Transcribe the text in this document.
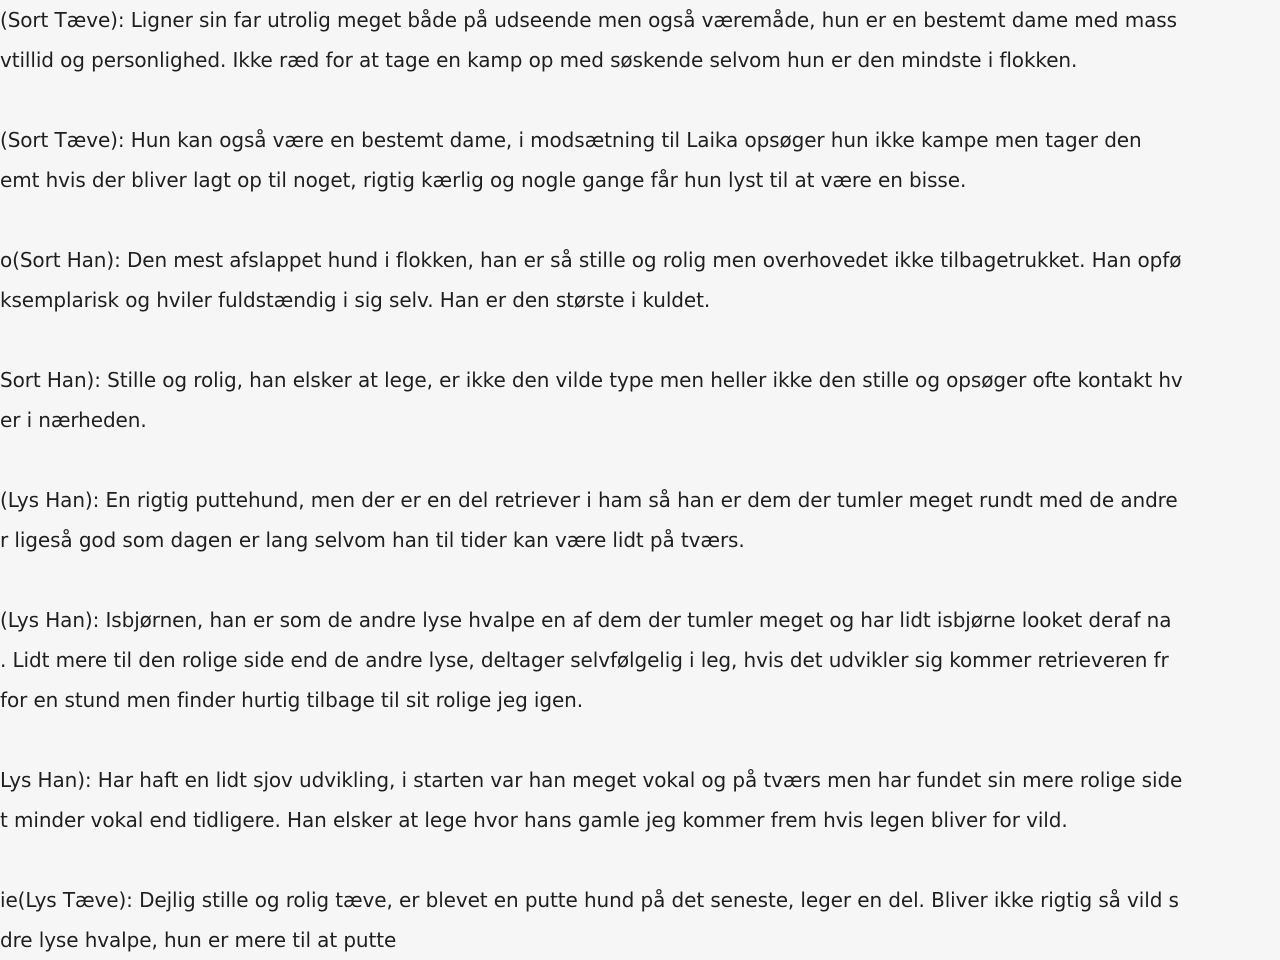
(Sort Tæve): Ligner sin far utrolig meget både på udseende men også væremåde, hun er en bestemt dame med mass
vtillid og personlighed. Ikke ræd for at tage en kamp op med søskende selvom hun er den mindste i flokken.
(Sort Tæve): Hun kan også være en bestemt dame, i modsætning til Laika opsøger hun ikke kampe men tager den
emt hvis der bliver lagt op til noget, rigtig kærlig og nogle gange får hun lyst til at være en bisse.
o(Sort Han): Den mest afslappet hund i flokken, han er så stille og rolig men overhovedet ikke tilbagetrukket. Han opfø
ksemplarisk og hviler fuldstændig i sig selv. Han er den største i kuldet.
Sort Han): Stille og rolig, han elsker at lege, er ikke den vilde type men heller ikke den stille og opsøger ofte kontakt hv
er i nærheden.
(Lys Han): En rigtig puttehund, men der er en del retriever i ham så han er dem der tumler meget rundt med de andre
r ligeså god som dagen er lang selvom han til tider kan være lidt på tværs.
(Lys Han): Isbjørnen, han er som de andre lyse hvalpe en af dem der tumler meget og har lidt isbjørne looket deraf na
. Lidt mere til den rolige side end de andre lyse, deltager selvfølgelig i leg, hvis det udvikler sig kommer retrieveren fr
for en stund men finder hurtig tilbage til sit rolige jeg igen.
Lys Han): Har haft en lidt sjov udvikling, i starten var han meget vokal og på tværs men har fundet sin mere rolige side
t minder vokal end tidligere. Han elsker at lege hvor hans gamle jeg kommer frem hvis legen bliver for vild.
ie(Lys Tæve): Dejlig stille og rolig tæve, er blevet en putte hund på det seneste, leger en del. Bliver ikke rigtig så vild s
dre lyse hvalpe, hun er mere til at putte
